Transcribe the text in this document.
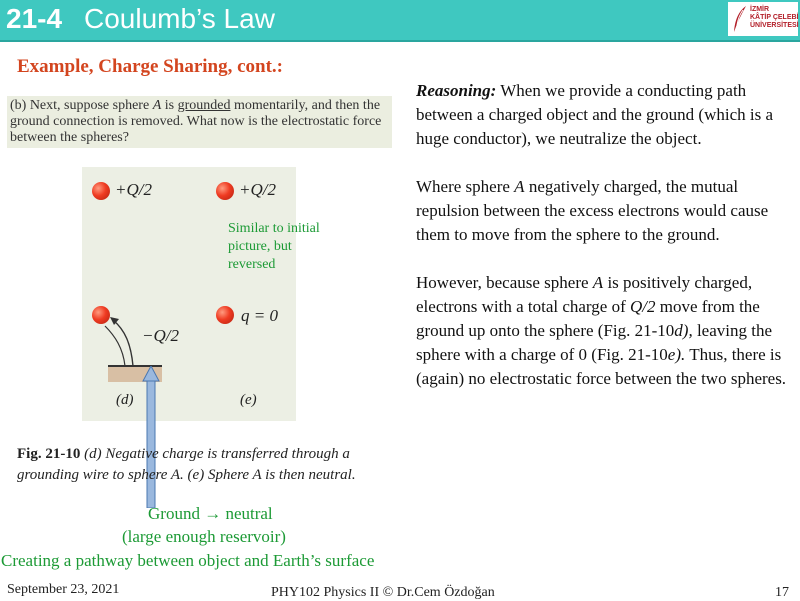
21-4 Coulumb’s Law	İZMİR
KÂTİP ÇELEBİ
ÜNİVERSİTESİ
Example, Charge Sharing, cont.:
(b) Next, suppose sphere A is grounded momentarily, and then the ground connection is removed. What now is the electrostatic force between the spheres?
+Q/2	+Q/2
−Q/2
q = 0
(d)	(e)
Similar to initial picture, but reversed

Reasoning: When we provide a conducting path between a charged object and the ground (which is a huge conductor), we neutralize the object.

Where sphere A negatively charged, the mutual repulsion between the excess electrons would cause them to move from the sphere to the ground.

However, because sphere A is positively charged, electrons with a total charge of Q/2 move from the ground up onto the sphere (Fig. 21-10d), leaving the sphere with a charge of 0 (Fig. 21-10e). Thus, there is (again) no electrostatic force between the two spheres.

Fig. 21-10 (d) Negative charge is transferred through a grounding wire to sphere A. (e) Sphere A is then neutral.
Ground → neutral
(large enough reservoir)
Creating a pathway between object and Earth’s surface
September 23, 2021	PHY102 Physics II © Dr.Cem Özdoğan	17
